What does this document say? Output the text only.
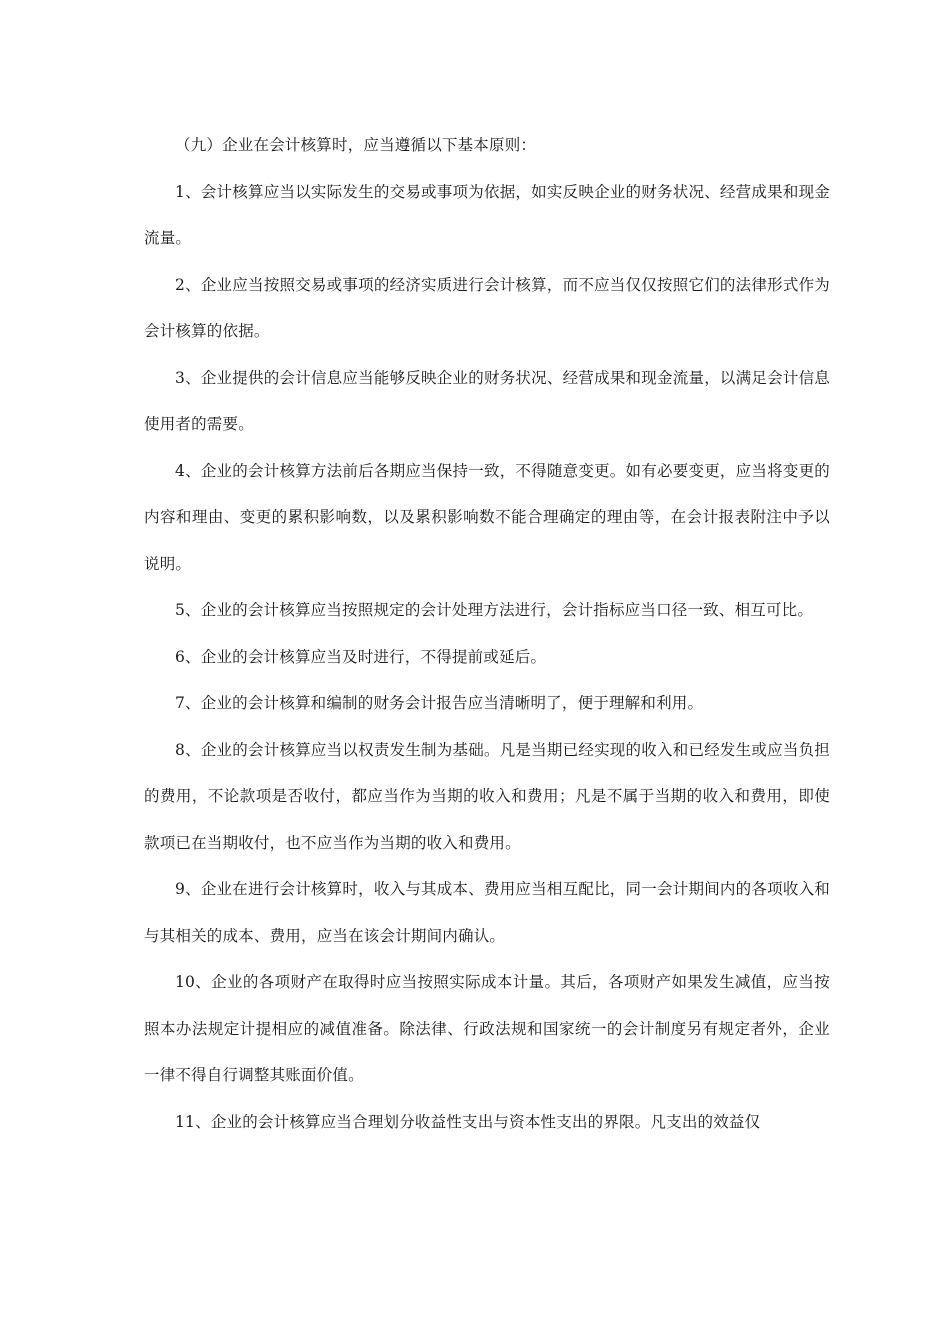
（九）企业在会计核算时，应当遵循以下基本原则：

1、会计核算应当以实际发生的交易或事项为依据，如实反映企业的财务状况、经营成果和现金流量。

2、企业应当按照交易或事项的经济实质进行会计核算，而不应当仅仅按照它们的法律形式作为会计核算的依据。

3、企业提供的会计信息应当能够反映企业的财务状况、经营成果和现金流量，以满足会计信息使用者的需要。

4、企业的会计核算方法前后各期应当保持一致，不得随意变更。如有必要变更，应当将变更的内容和理由、变更的累积影响数，以及累积影响数不能合理确定的理由等，在会计报表附注中予以说明。

5、企业的会计核算应当按照规定的会计处理方法进行，会计指标应当口径一致、相互可比。

6、企业的会计核算应当及时进行，不得提前或延后。

7、企业的会计核算和编制的财务会计报告应当清晰明了，便于理解和利用。

8、企业的会计核算应当以权责发生制为基础。凡是当期已经实现的收入和已经发生或应当负担的费用，不论款项是否收付，都应当作为当期的收入和费用；凡是不属于当期的收入和费用，即使款项已在当期收付，也不应当作为当期的收入和费用。

9、企业在进行会计核算时，收入与其成本、费用应当相互配比，同一会计期间内的各项收入和与其相关的成本、费用，应当在该会计期间内确认。

10、企业的各项财产在取得时应当按照实际成本计量。其后，各项财产如果发生减值，应当按照本办法规定计提相应的减值准备。除法律、行政法规和国家统一的会计制度另有规定者外，企业一律不得自行调整其账面价值。

11、企业的会计核算应当合理划分收益性支出与资本性支出的界限。凡支出的效益仅
